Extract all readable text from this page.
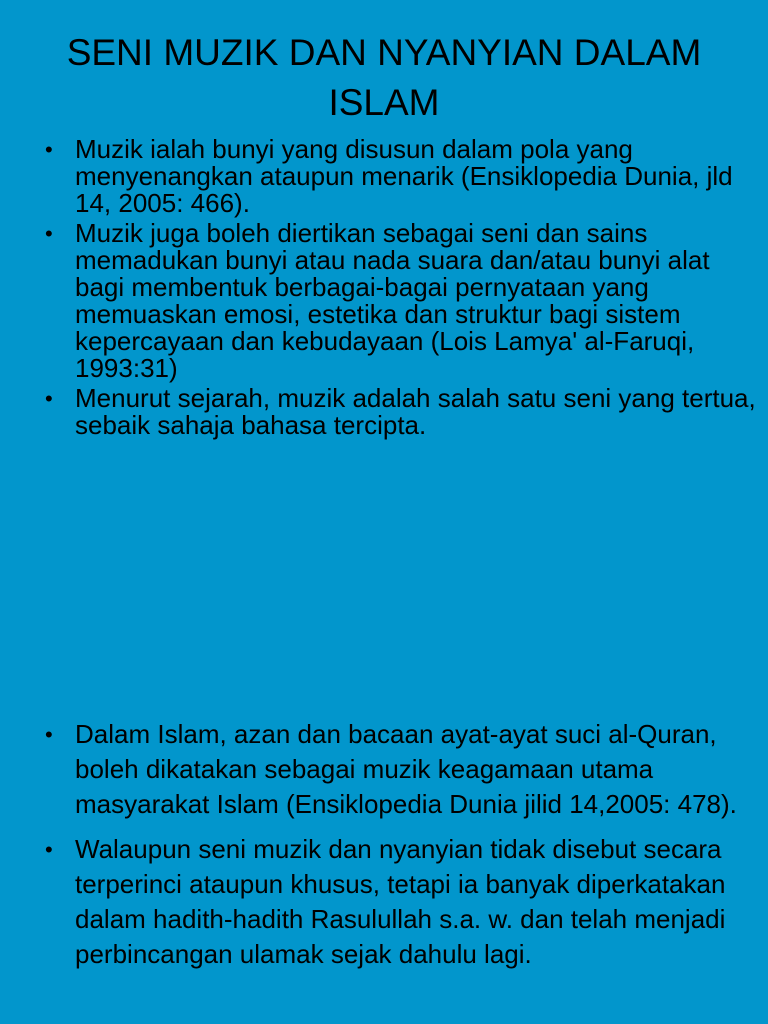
SENI MUZIK DAN NYANYIAN DALAM ISLAM
• Muzik ialah bunyi yang disusun dalam pola yang menyenangkan ataupun menarik (Ensiklopedia Dunia, jld 14, 2005: 466).
• Muzik juga boleh diertikan sebagai seni dan sains memadukan bunyi atau nada suara dan/atau bunyi alat bagi membentuk berbagai-bagai pernyataan yang memuaskan emosi, estetika dan struktur bagi sistem kepercayaan dan kebudayaan (Lois Lamya' al-Faruqi, 1993:31)
• Menurut sejarah, muzik adalah salah satu seni yang tertua, sebaik sahaja bahasa tercipta.
• Dalam Islam, azan dan bacaan ayat-ayat suci al-Quran, boleh dikatakan sebagai muzik keagamaan utama masyarakat Islam (Ensiklopedia Dunia jilid 14,2005: 478).
• Walaupun seni muzik dan nyanyian tidak disebut secara terperinci ataupun khusus, tetapi ia banyak diperkatakan dalam hadith-hadith Rasulullah s.a. w. dan telah menjadi perbincangan ulamak sejak dahulu lagi.
